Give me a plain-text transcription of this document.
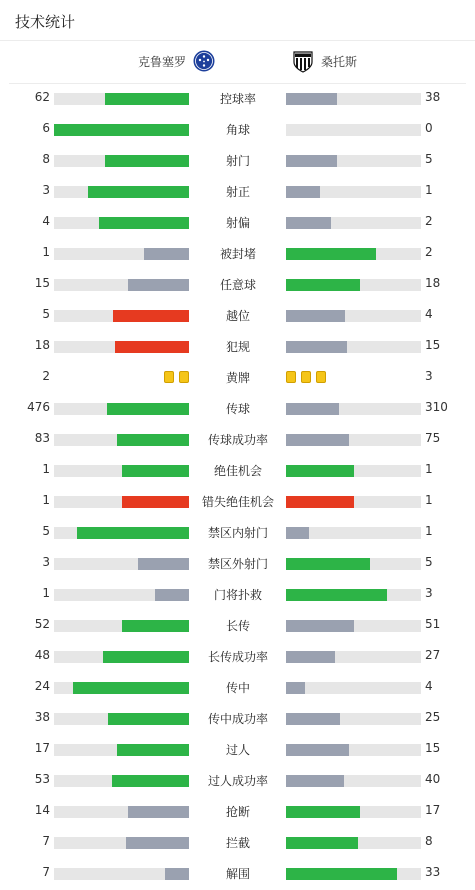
技术统计
克鲁塞罗	桑托斯
62	控球率	38
6	角球	0
8	射门	5
3	射正	1
4	射偏	2
1	被封堵	2
15	任意球	18
5	越位	4
18	犯规	15
2	黄牌	3
476	传球	310
83	传球成功率	75
1	绝佳机会	1
1	错失绝佳机会	1
5	禁区内射门	1
3	禁区外射门	5
1	门将扑救	3
52	长传	51
48	长传成功率	27
24	传中	4
38	传中成功率	25
17	过人	15
53	过人成功率	40
14	抢断	17
7	拦截	8
7	解围	33
